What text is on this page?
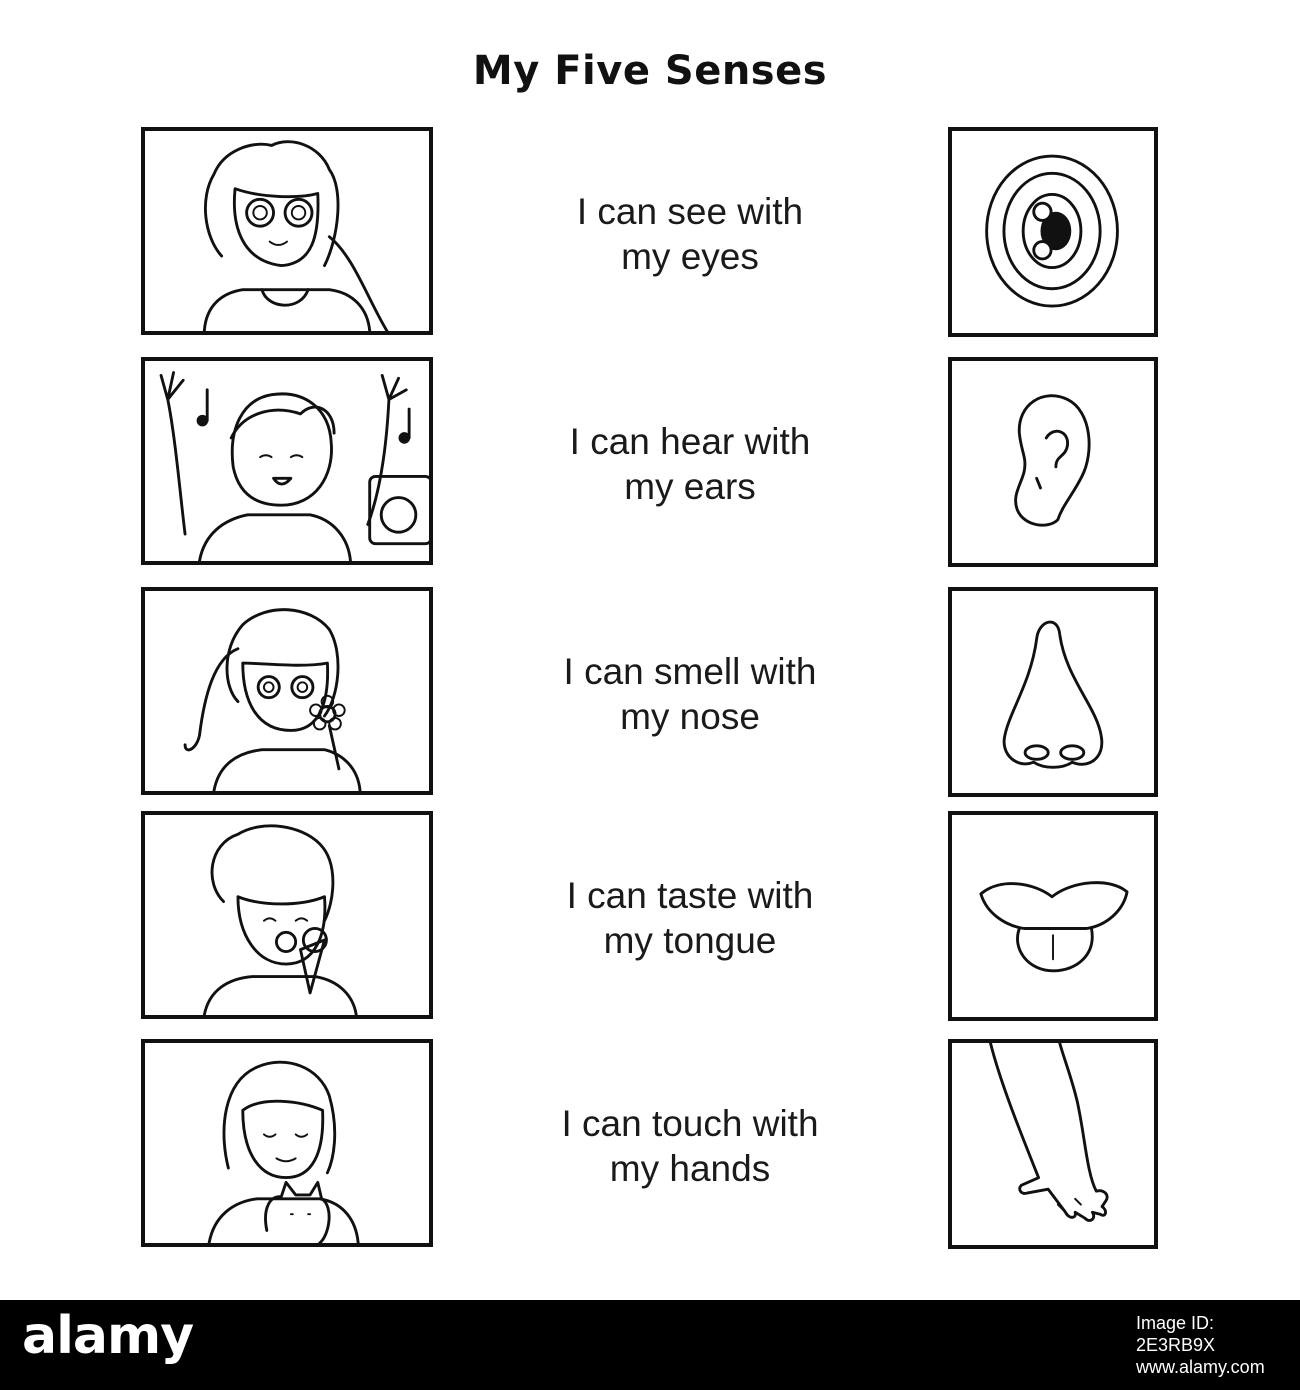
My Five Senses
I can see with
my eyes
I can hear with
my ears
I can smell with
my nose
I can taste with
my tongue
I can touch with
my hands
alamy	Image ID: 2E3RB9X
www.alamy.com
